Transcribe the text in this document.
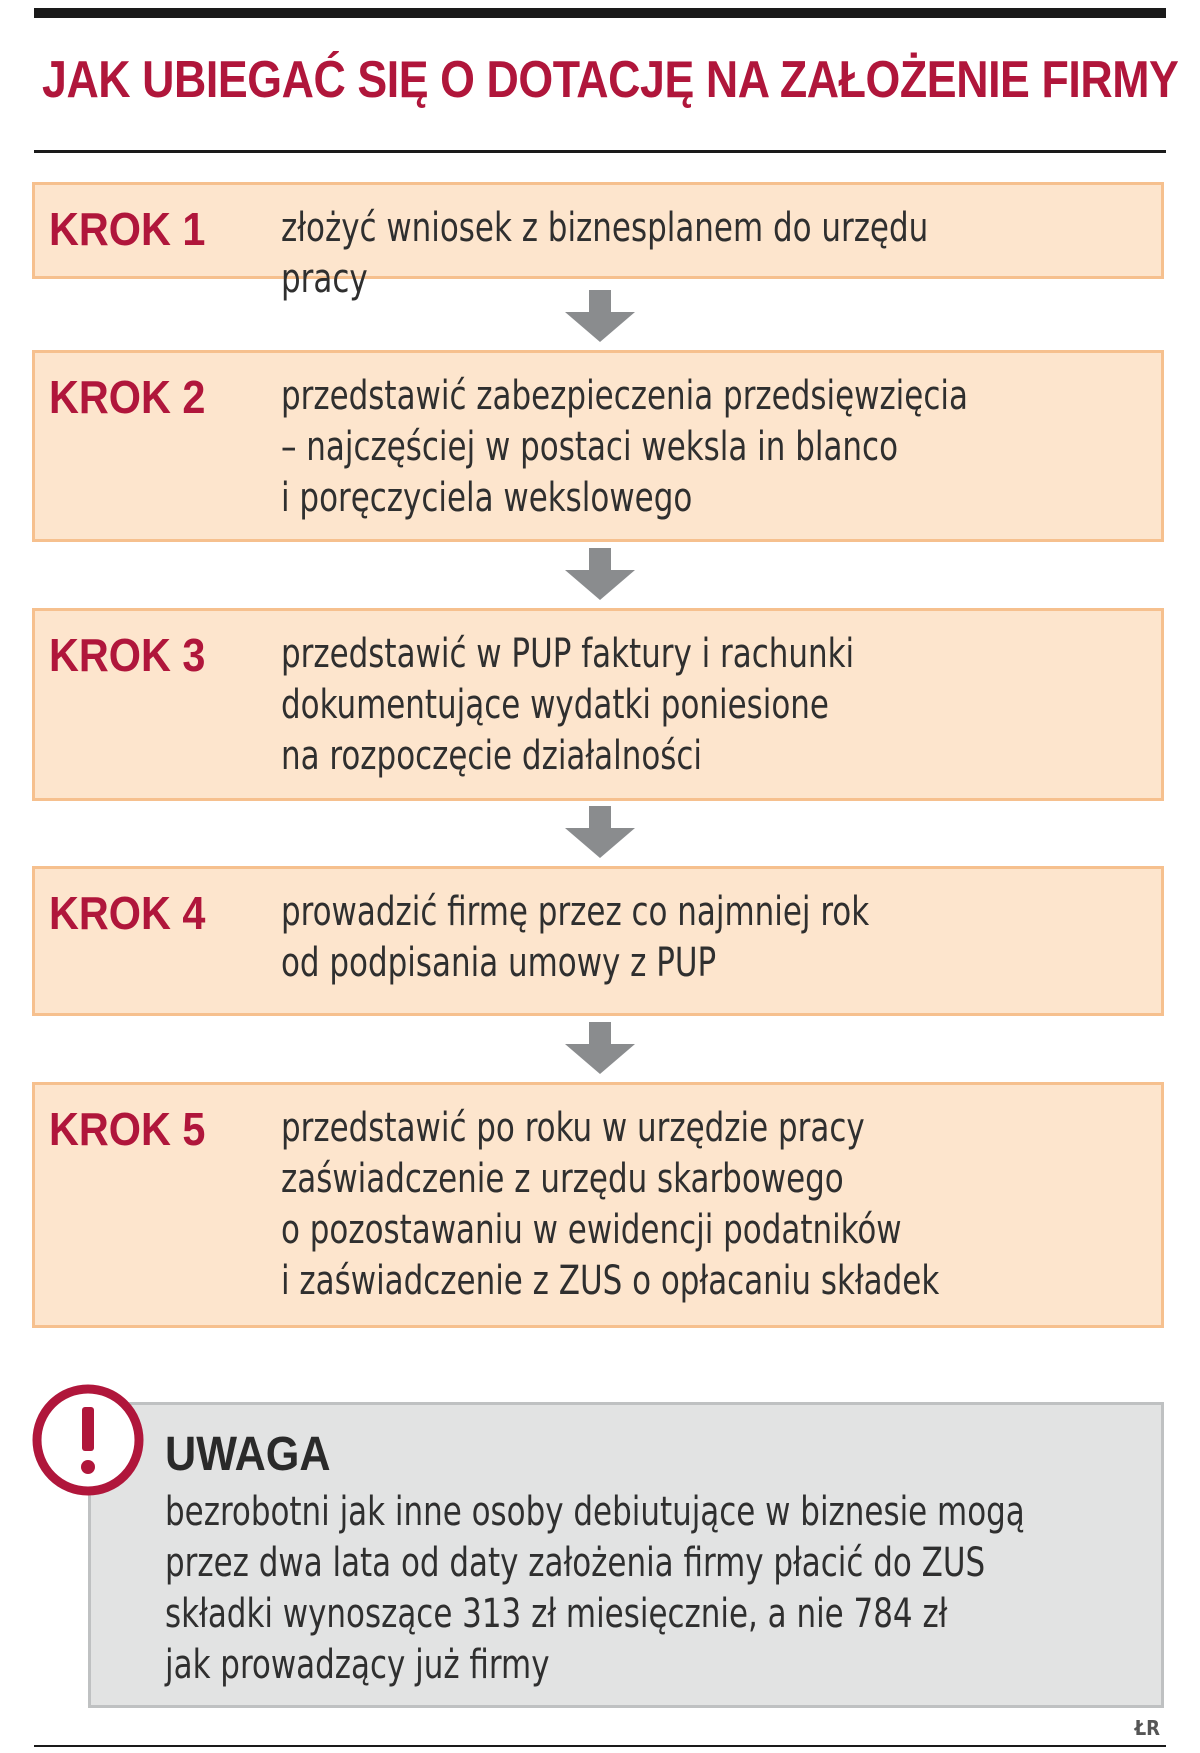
JAK UBIEGAĆ SIĘ O DOTACJĘ NA ZAŁOŻENIE FIRMY
KROK 1 złożyć wniosek z biznesplanem do urzędu pracy
KROK 2 przedstawić zabezpieczenia przedsięwzięcia
– najczęściej w postaci weksla in blanco
i poręczyciela wekslowego
KROK 3 przedstawić w PUP faktury i rachunki
dokumentujące wydatki poniesione
na rozpoczęcie działalności
KROK 4 prowadzić firmę przez co najmniej rok
od podpisania umowy z PUP
KROK 5 przedstawić po roku w urzędzie pracy
zaświadczenie z urzędu skarbowego
o pozostawaniu w ewidencji podatników
i zaświadczenie z ZUS o opłacaniu składek
UWAGA
bezrobotni jak inne osoby debiutujące w biznesie mogą
przez dwa lata od daty założenia firmy płacić do ZUS
składki wynoszące 313 zł miesięcznie, a nie 784 zł
jak prowadzący już firmy
ŁR
